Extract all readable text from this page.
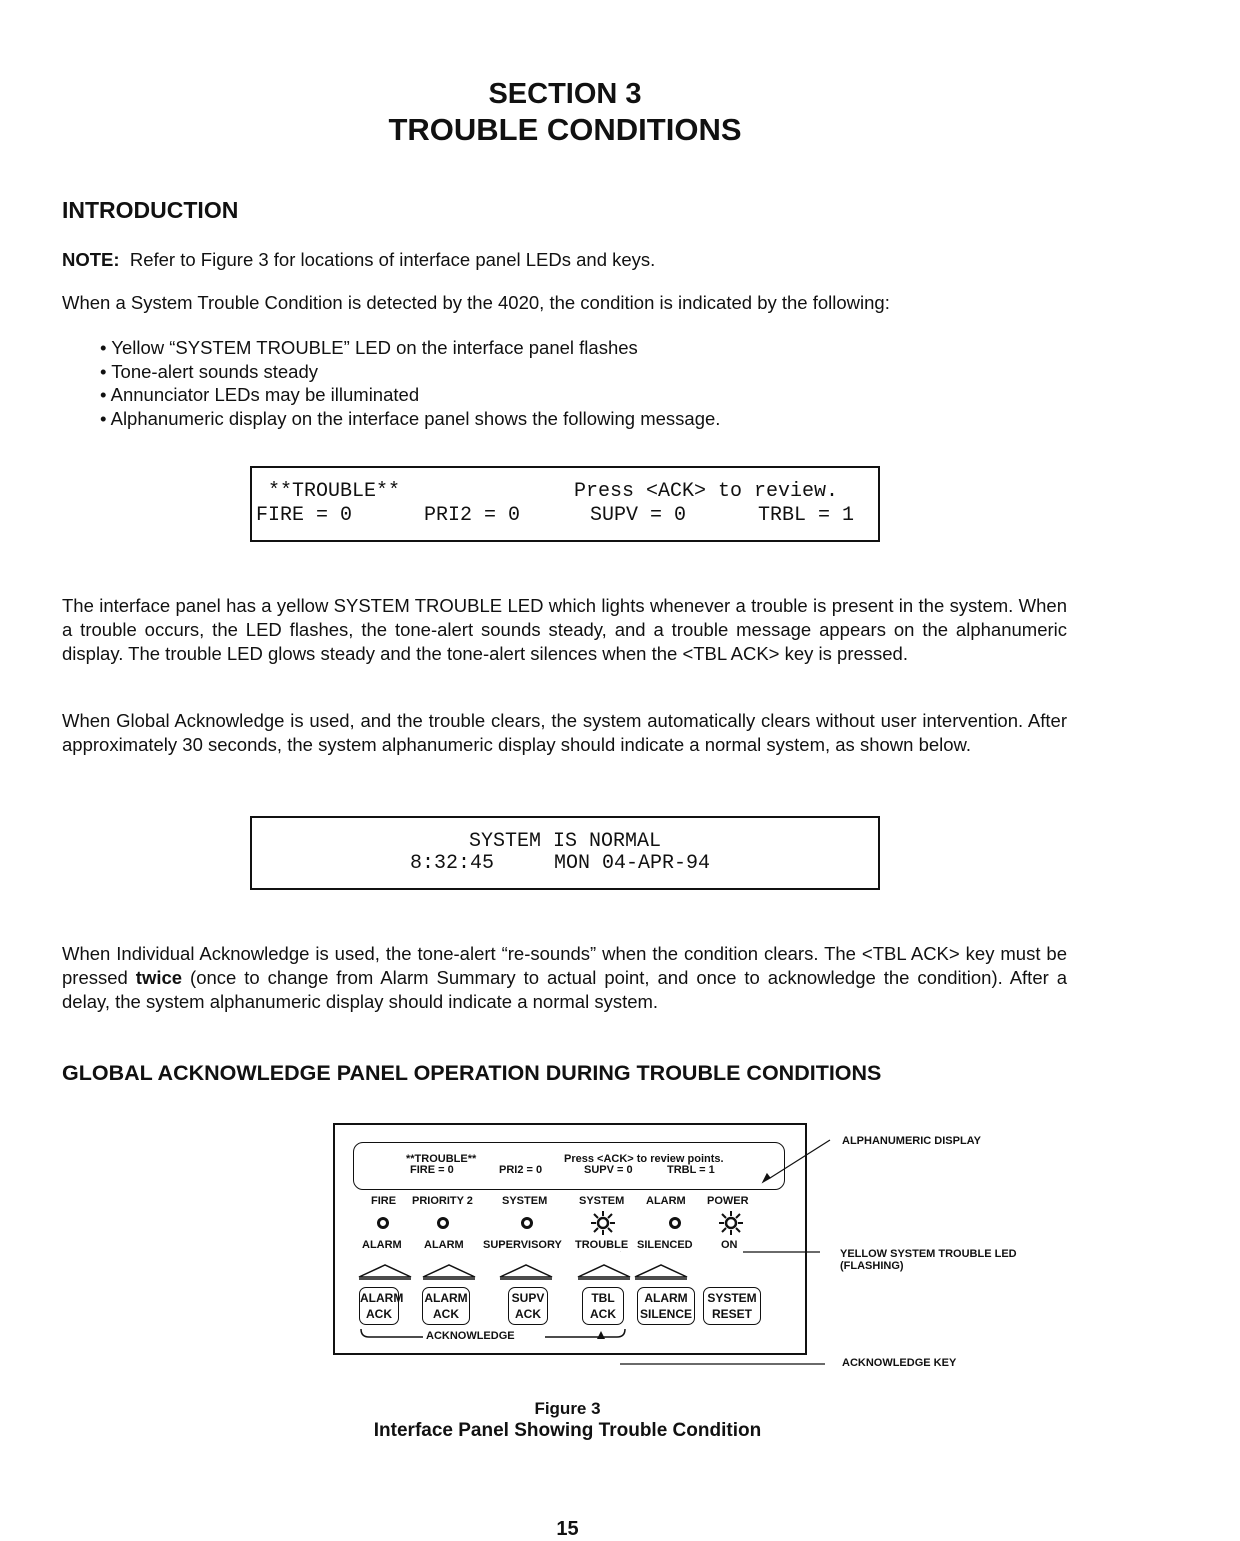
SECTION 3
TROUBLE CONDITIONS
INTRODUCTION
NOTE: Refer to Figure 3 for locations of interface panel LEDs and keys.
When a System Trouble Condition is detected by the 4020, the condition is indicated by the following:
• Yellow “SYSTEM TROUBLE” LED on the interface panel flashes
• Tone-alert sounds steady
• Annunciator LEDs may be illuminated
• Alphanumeric display on the interface panel shows the following message.
**TROUBLE**	Press <ACK> to review.
FIRE = 0	PRI2 = 0	SUPV = 0	TRBL = 1
The interface panel has a yellow SYSTEM TROUBLE LED which lights whenever a trouble is present in the system. When a trouble occurs, the LED flashes, the tone-alert sounds steady, and a trouble message appears on the alphanumeric display. The trouble LED glows steady and the tone-alert silences when the <TBL ACK> key is pressed.
When Global Acknowledge is used, and the trouble clears, the system automatically clears without user intervention. After approximately 30 seconds, the system alphanumeric display should indicate a normal system, as shown below.
SYSTEM IS NORMAL
8:32:45	MON 04-APR-94
When Individual Acknowledge is used, the tone-alert “re-sounds” when the condition clears. The <TBL ACK> key must be pressed twice (once to change from Alarm Summary to actual point, and once to acknowledge the condition). After a delay, the system alphanumeric display should indicate a normal system.
GLOBAL ACKNOWLEDGE PANEL OPERATION DURING TROUBLE CONDITIONS
**TROUBLE**	Press <ACK> to review points.
FIRE = 0	PRI2 = 0	SUPV = 0	TRBL = 1
FIRE PRIORITY 2	SYSTEM	SYSTEM ALARM POWER
ALARM ALARM SUPERVISORY TROUBLE SILENCED	ON
ALARM
ACK
ALARM
ACK
SUPV
ACK
TBL
ACK
ALARM
SILENCE
SYSTEM
RESET
ACKNOWLEDGE
ALPHANUMERIC DISPLAY
YELLOW SYSTEM TROUBLE LED
(FLASHING)
ACKNOWLEDGE KEY
Figure 3
Interface Panel Showing Trouble Condition
15
